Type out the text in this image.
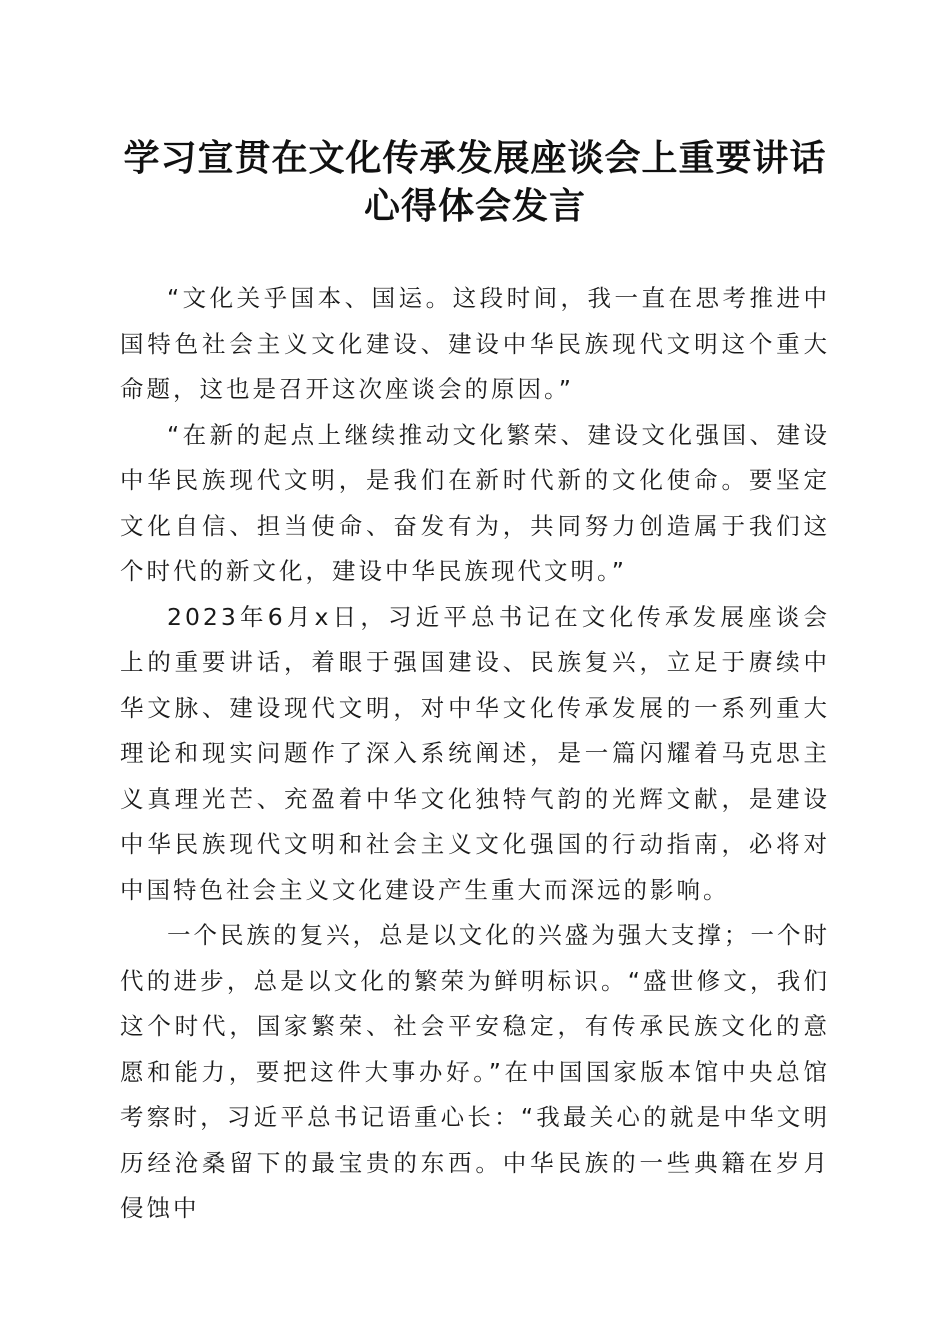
学习宣贯在文化传承发展座谈会上重要讲话心得体会发言

“文化关乎国本、国运。这段时间，我一直在思考推进中国特色社会主义文化建设、建设中华民族现代文明这个重大命题，这也是召开这次座谈会的原因。”

“在新的起点上继续推动文化繁荣、建设文化强国、建设中华民族现代文明，是我们在新时代新的文化使命。要坚定文化自信、担当使命、奋发有为，共同努力创造属于我们这个时代的新文化，建设中华民族现代文明。”

2023年6月x日，习近平总书记在文化传承发展座谈会上的重要讲话，着眼于强国建设、民族复兴，立足于赓续中华文脉、建设现代文明，对中华文化传承发展的一系列重大理论和现实问题作了深入系统阐述，是一篇闪耀着马克思主义真理光芒、充盈着中华文化独特气韵的光辉文献，是建设中华民族现代文明和社会主义文化强国的行动指南，必将对中国特色社会主义文化建设产生重大而深远的影响。

一个民族的复兴，总是以文化的兴盛为强大支撑；一个时代的进步，总是以文化的繁荣为鲜明标识。“盛世修文，我们这个时代，国家繁荣、社会平安稳定，有传承民族文化的意愿和能力，要把这件大事办好。”在中国国家版本馆中央总馆考察时，习近平总书记语重心长：“我最关心的就是中华文明历经沧桑留下的最宝贵的东西。中华民族的一些典籍在岁月侵蚀中
